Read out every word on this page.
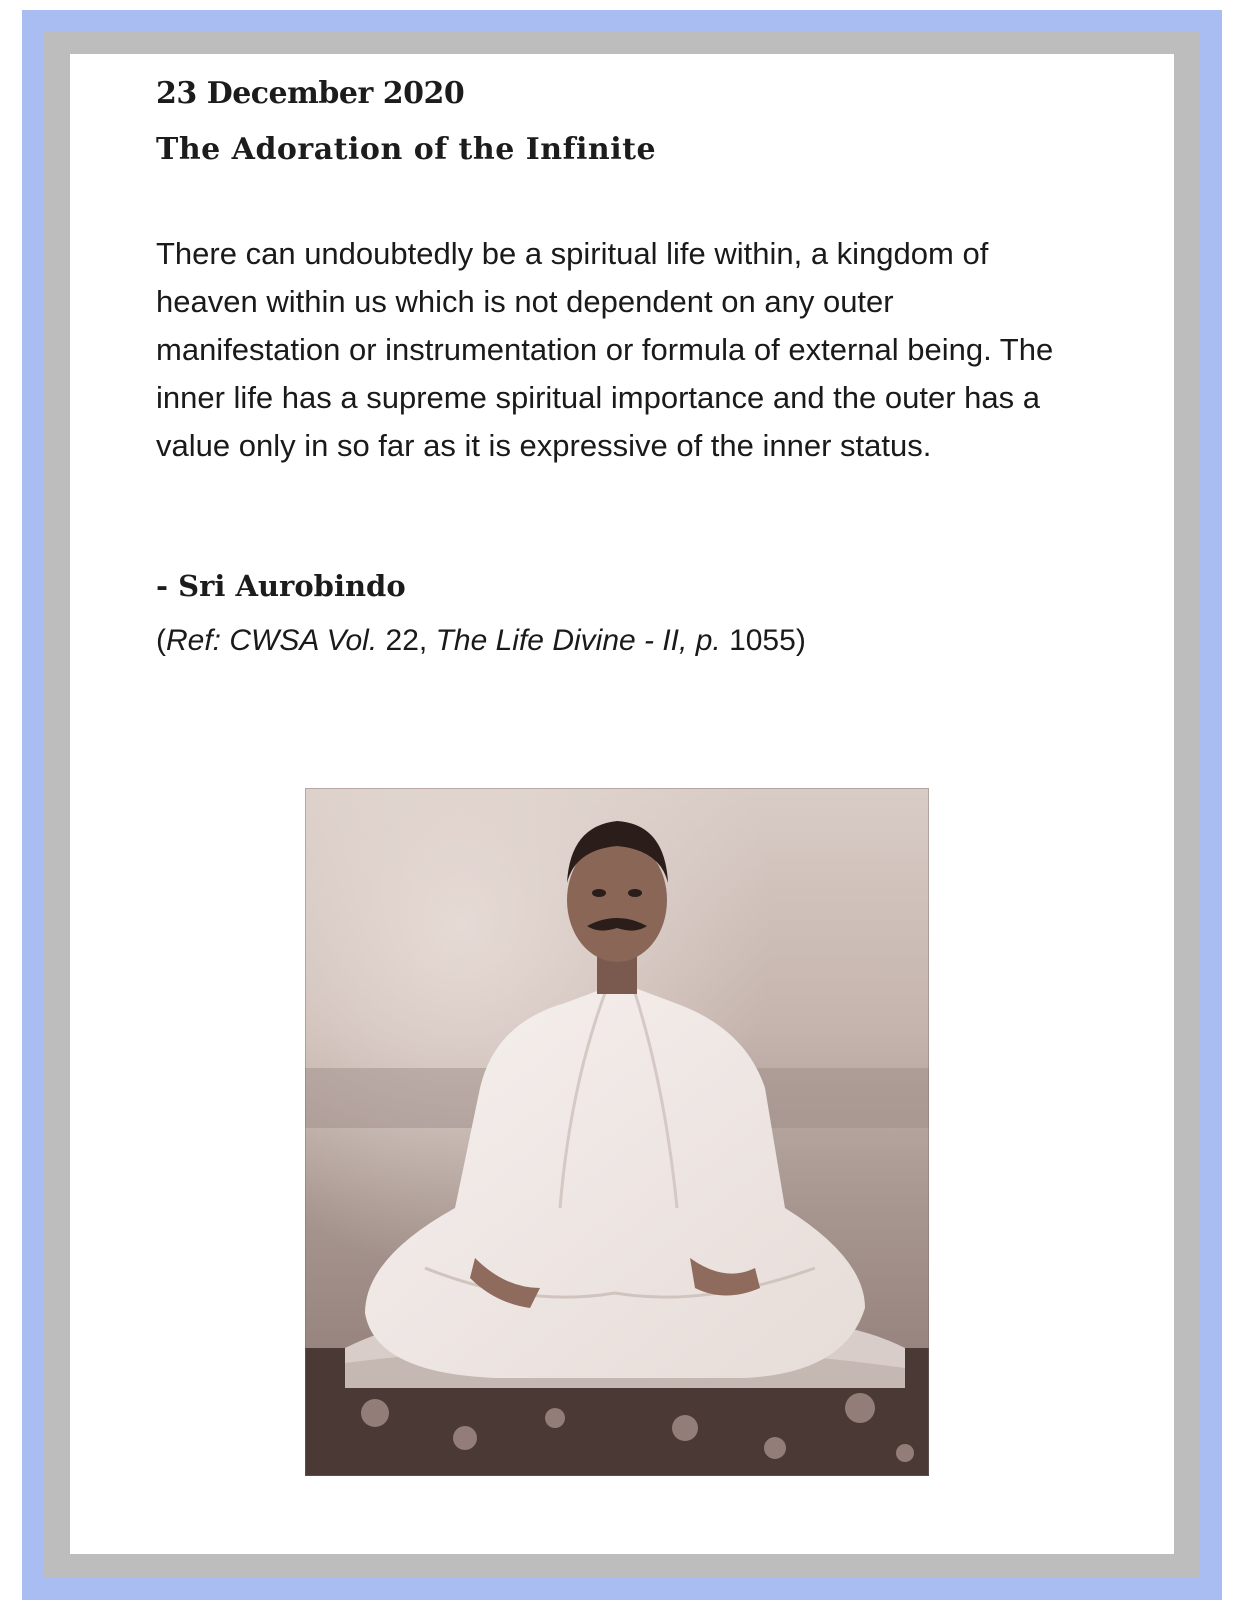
23 December 2020
The Adoration of the Infinite

There can undoubtedly be a spiritual life within, a kingdom of heaven within us which is not dependent on any outer manifestation or instrumentation or formula of external being. The inner life has a supreme spiritual importance and the outer has a value only in so far as it is expressive of the inner status.

- Sri Aurobindo
(Ref: CWSA Vol. 22, The Life Divine - II, p. 1055)
